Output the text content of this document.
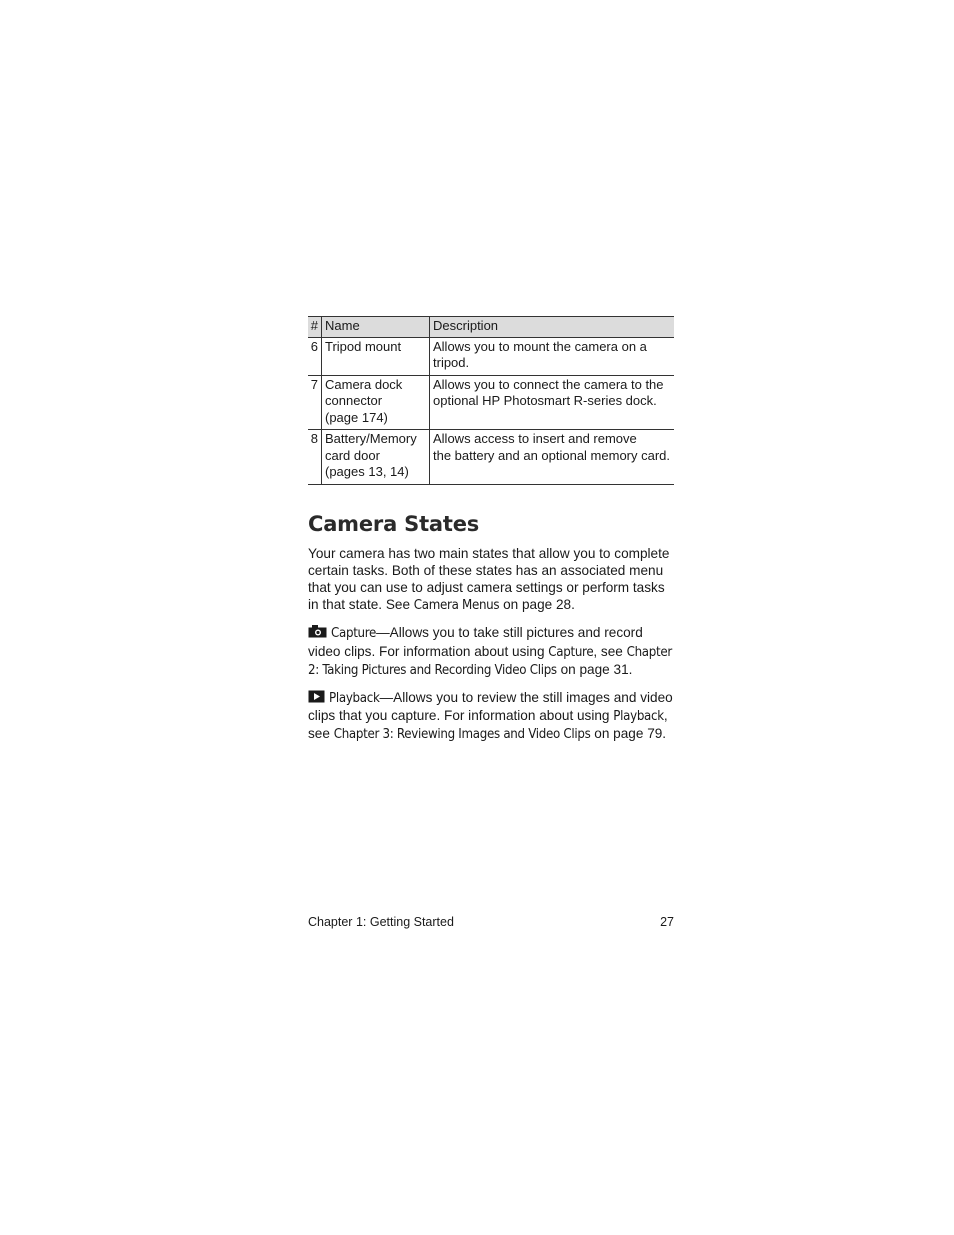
#	Name	Description
6	Tripod mount	Allows you to mount the camera on a
tripod.
7	Camera dock
connector
(page 174)	Allows you to connect the camera to the
optional HP Photosmart R-series dock.
8	Battery/Memory
card door
(pages 13, 14)	Allows access to insert and remove
the battery and an optional memory card.
Camera States

Your camera has two main states that allow you to complete certain tasks. Both of these states has an associated menu that you can use to adjust camera settings or perform tasks in that state. See Camera Menus on page 28.

Capture—Allows you to take still pictures and record video clips. For information about using Capture, see Chapter 2: Taking Pictures and Recording Video Clips on page 31.

Playback—Allows you to review the still images and video clips that you capture. For information about using Playback, see Chapter 3: Reviewing Images and Video Clips on page 79.

Chapter 1: Getting Started	27
